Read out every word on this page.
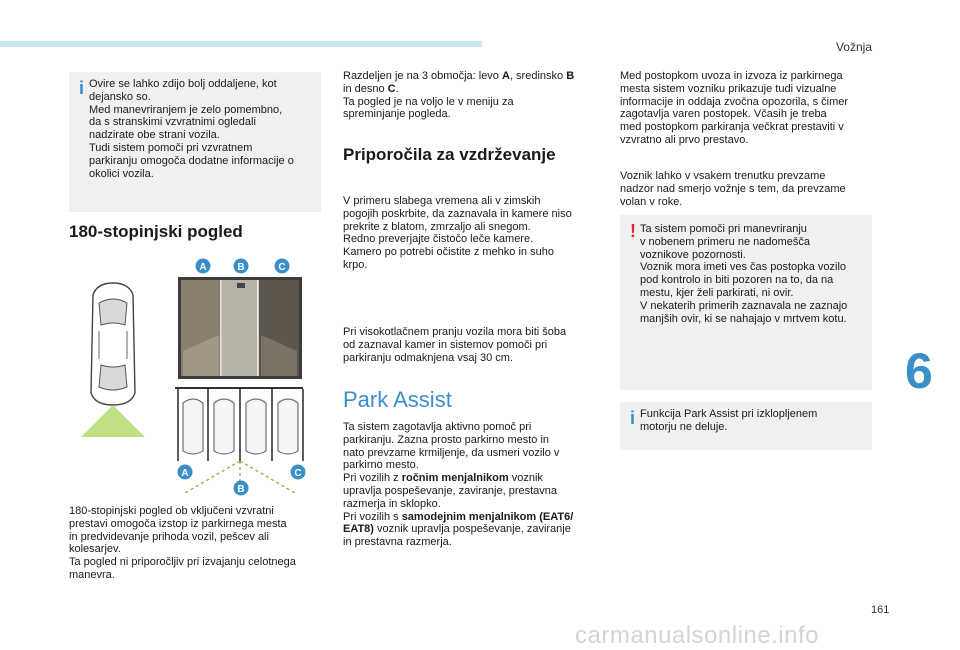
Vožnja
i Ovire se lahko zdijo bolj oddaljene, kot
dejansko so.
Med manevriranjem je zelo pomembno,
da s stranskimi vzvratnimi ogledali
nadzirate obe strani vozila.
Tudi sistem pomoči pri vzvratnem
parkiranju omogoča dodatne informacije o
okolici vozila.

180-stopinjski pogled
A	B	C
A
B
C

180-stopinjski pogled ob vključeni vzvratni
prestavi omogoča izstop iz parkirnega mesta
in predvidevanje prihoda vozil, pešcev ali
kolesarjev.
Ta pogled ni priporočljiv pri izvajanju celotnega
manevra.

Razdeljen je na 3 območja: levo A, sredinsko B
in desno C.
Ta pogled je na voljo le v meniju za
spreminjanje pogleda.

Priporočila za vzdrževanje

V primeru slabega vremena ali v zimskih
pogojih poskrbite, da zaznavala in kamere niso
prekrite z blatom, zmrzaljo ali snegom.
Redno preverjajte čistočo leče kamere.
Kamero po potrebi očistite z mehko in suho
krpo.

Pri visokotlačnem pranju vozila mora biti šoba
od zaznaval kamer in sistemov pomoči pri
parkiranju odmaknjena vsaj 30 cm.

Park Assist

Ta sistem zagotavlja aktivno pomoč pri
parkiranju. Zazna prosto parkirno mesto in
nato prevzame krmiljenje, da usmeri vozilo v
parkirno mesto.
Pri vozilih z ročnim menjalnikom voznik
upravlja pospeševanje, zaviranje, prestavna
razmerja in sklopko.
Pri vozilih s samodejnim menjalnikom (EAT6/
EAT8) voznik upravlja pospeševanje, zaviranje
in prestavna razmerja.

Med postopkom uvoza in izvoza iz parkirnega
mesta sistem vozniku prikazuje tudi vizualne
informacije in oddaja zvočna opozorila, s čimer
zagotavlja varen postopek. Včasih je treba
med postopkom parkiranja večkrat prestaviti v
vzvratno ali prvo prestavo.

Voznik lahko v vsakem trenutku prevzame
nadzor nad smerjo vožnje s tem, da prevzame
volan v roke.

! Ta sistem pomoči pri manevriranju
v nobenem primeru ne nadomešča
voznikove pozornosti.
Voznik mora imeti ves čas postopka vozilo
pod kontrolo in biti pozoren na to, da na
mestu, kjer želi parkirati, ni ovir.
V nekaterih primerih zaznavala ne zaznajo
manjših ovir, ki se nahajajo v mrtvem kotu.

i Funkcija Park Assist pri izklopljenem
motorju ne deluje.

6
161
carmanualsonline.info
